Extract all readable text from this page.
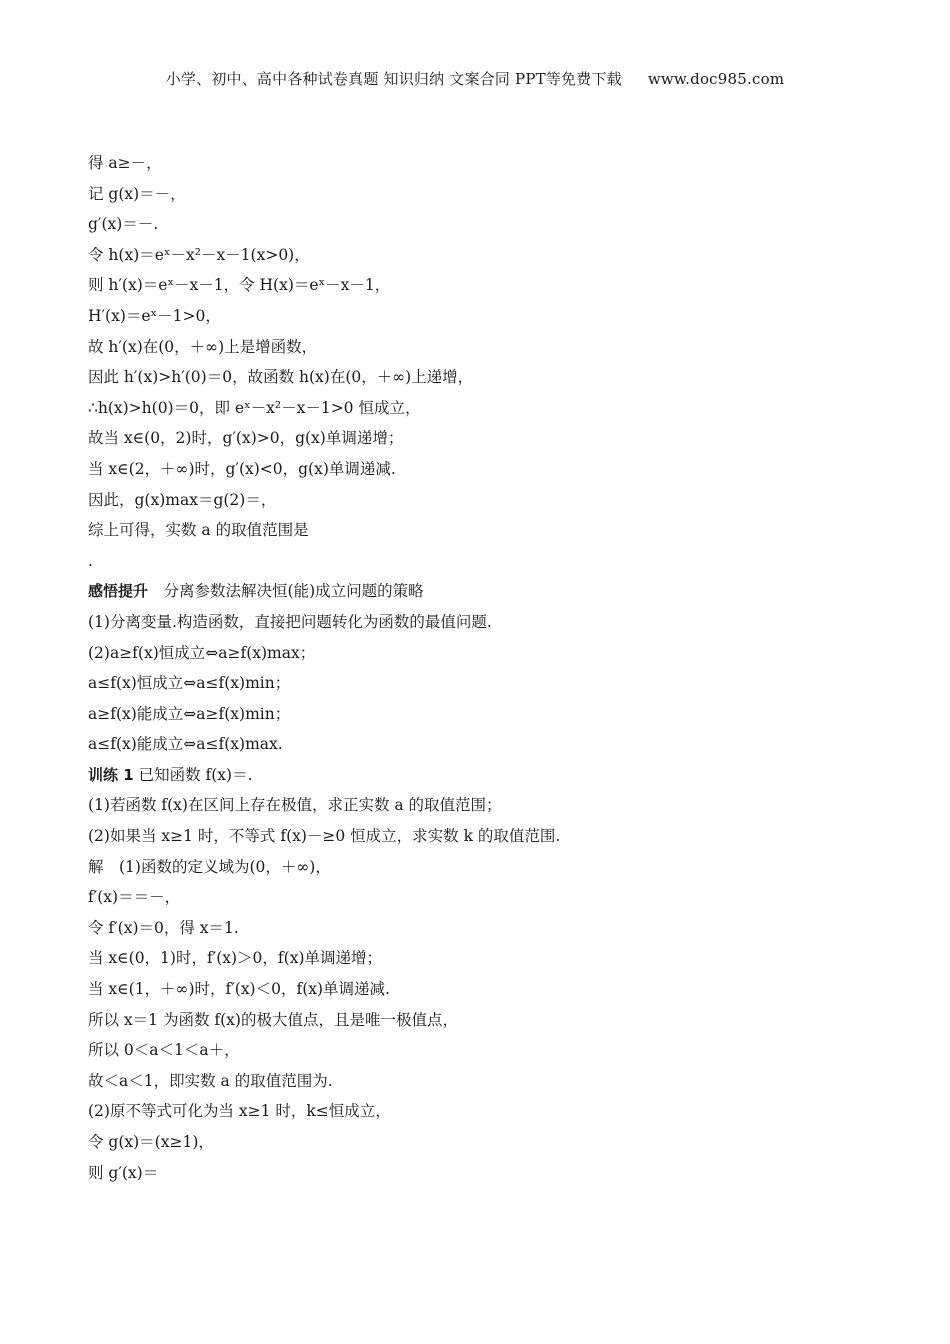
小学、初中、高中各种试卷真题 知识归纳 文案合同 PPT等免费下载 www.doc985.com
得 a≥－，
记 g(x)＝－，
g′(x)＝－.
令 h(x)＝eˣ－x²－x－1(x>0)，
则 h′(x)＝eˣ－x－1，令 H(x)＝eˣ－x－1，
H′(x)＝eˣ－1>0，
故 h′(x)在(0，＋∞)上是增函数，
因此 h′(x)>h′(0)＝0，故函数 h(x)在(0，＋∞)上递增，
∴h(x)>h(0)＝0，即 eˣ－x²－x－1>0 恒成立，
故当 x∈(0，2)时，g′(x)>0，g(x)单调递增；
当 x∈(2，＋∞)时，g′(x)<0，g(x)单调递减.
因此，g(x)max＝g(2)＝，
综上可得，实数 a 的取值范围是
.
感悟提升　分离参数法解决恒(能)成立问题的策略
(1)分离变量.构造函数，直接把问题转化为函数的最值问题.
(2)a≥f(x)恒成立⇔a≥f(x)max；
a≤f(x)恒成立⇔a≤f(x)min；
a≥f(x)能成立⇔a≥f(x)min；
a≤f(x)能成立⇔a≤f(x)max.
训练 1 已知函数 f(x)＝.
(1)若函数 f(x)在区间上存在极值，求正实数 a 的取值范围；
(2)如果当 x≥1 时，不等式 f(x)－≥0 恒成立，求实数 k 的取值范围.
解　(1)函数的定义域为(0，＋∞)，
f′(x)＝＝－，
令 f′(x)＝0，得 x＝1.
当 x∈(0，1)时，f′(x)＞0，f(x)单调递增；
当 x∈(1，＋∞)时，f′(x)＜0，f(x)单调递减.
所以 x＝1 为函数 f(x)的极大值点，且是唯一极值点，
所以 0＜a＜1＜a＋，
故＜a＜1，即实数 a 的取值范围为.
(2)原不等式可化为当 x≥1 时，k≤恒成立，
令 g(x)＝(x≥1)，
则 g′(x)＝
